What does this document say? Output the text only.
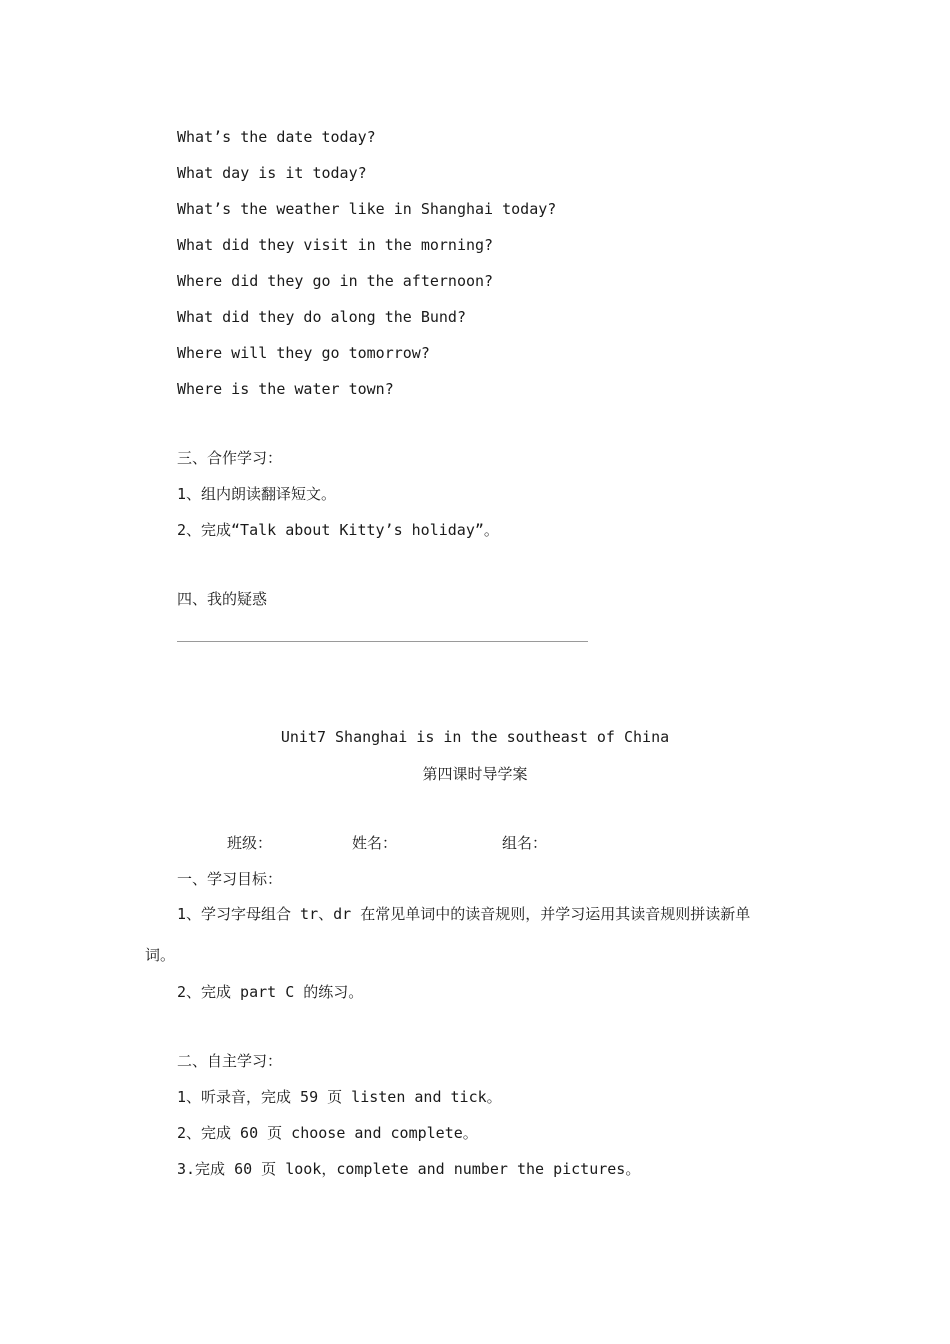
What’s the date today?
What day is it today?
What’s the weather like in Shanghai today?
What did they visit in the morning?
Where did they go in the afternoon?
What did they do along the Bund?
Where will they go tomorrow?
Where is the water town?
三、合作学习：
1、组内朗读翻译短文。
2、完成“Talk about Kitty’s holiday”。
四、我的疑惑
Unit7 Shanghai is in the southeast of China
第四课时导学案
班级：	姓名：	组名：
一、学习目标：
1、学习字母组合 tr、dr 在常见单词中的读音规则，并学习运用其读音规则拼读新单
词。
2、完成 part C 的练习。
二、自主学习：
1、听录音，完成 59 页 listen and tick。
2、完成 60 页 choose and complete。
3.完成 60 页 look，complete and number the pictures。
